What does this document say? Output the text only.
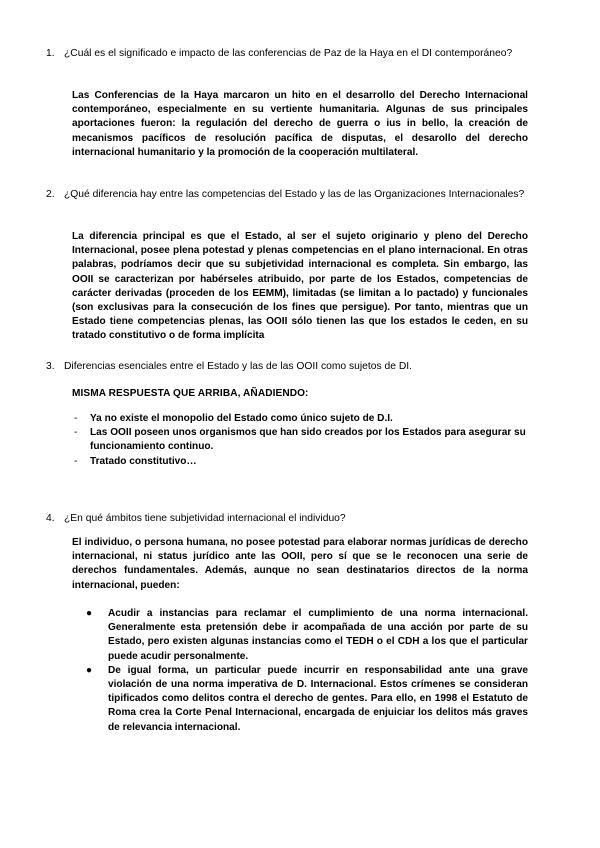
1. ¿Cuál es el significado e impacto de las conferencias de Paz de la Haya en el DI contemporáneo?
Las Conferencias de la Haya marcaron un hito en el desarrollo del Derecho Internacional contemporáneo, especialmente en su vertiente humanitaria. Algunas de sus principales aportaciones fueron: la regulación del derecho de guerra o ius in bello, la creación de mecanismos pacíficos de resolución pacífica de disputas, el desarollo del derecho internacional humanitario y la promoción de la cooperación multilateral.
2. ¿Qué diferencia hay entre las competencias del Estado y las de las Organizaciones Internacionales?
La diferencia principal es que el Estado, al ser el sujeto originario y pleno del Derecho Internacional, posee plena potestad y plenas competencias en el plano internacional. En otras palabras, podríamos decir que su subjetividad internacional es completa. Sin embargo, las OOII se caracterizan por habérseles atribuido, por parte de los Estados, competencias de carácter derivadas (proceden de los EEMM), limitadas (se limitan a lo pactado) y funcionales (son exclusivas para la consecución de los fines que persigue). Por tanto, mientras que un Estado tiene competencias plenas, las OOII sólo tienen las que los estados le ceden, en su tratado constitutivo o de forma implícita
3. Diferencias esenciales entre el Estado y las de las OOII como sujetos de DI.
MISMA RESPUESTA QUE ARRIBA, AÑADIENDO:
- Ya no existe el monopolio del Estado como único sujeto de D.I.
- Las OOII poseen unos organismos que han sido creados por los Estados para asegurar su funcionamiento continuo.
- Tratado constitutivo…
4. ¿En qué ámbitos tiene subjetividad internacional el individuo?
El individuo, o persona humana, no posee potestad para elaborar normas jurídicas de derecho internacional, ni status jurídico ante las OOII, pero sí que se le reconocen una serie de derechos fundamentales. Además, aunque no sean destinatarios directos de la norma internacional, pueden:
● Acudir a instancias para reclamar el cumplimiento de una norma internacional. Generalmente esta pretensión debe ir acompañada de una acción por parte de su Estado, pero existen algunas instancias como el TEDH o el CDH a los que el particular puede acudir personalmente.
● De igual forma, un particular puede incurrir en responsabilidad ante una grave violación de una norma imperativa de D. Internacional. Estos crímenes se consideran tipificados como delitos contra el derecho de gentes. Para ello, en 1998 el Estatuto de Roma crea la Corte Penal Internacional, encargada de enjuiciar los delitos más graves de relevancia internacional.
